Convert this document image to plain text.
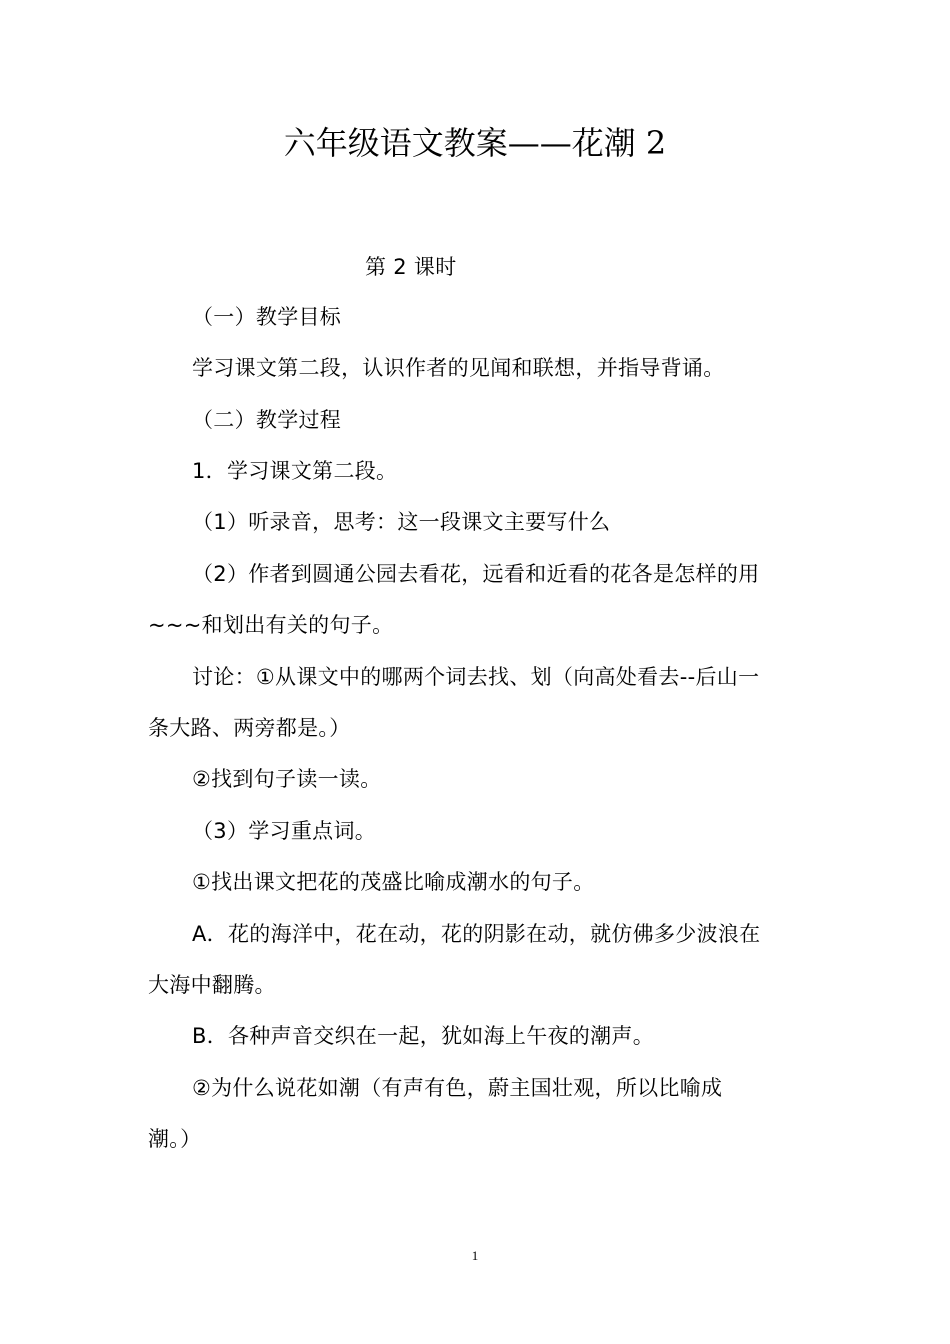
六年级语文教案——花潮 2
第 2 课时
（一）教学目标
学习课文第二段，认识作者的见闻和联想，并指导背诵。
（二）教学过程
1．学习课文第二段。
（1）听录音，思考：这一段课文主要写什么
（2）作者到圆通公园去看花，远看和近看的花各是怎样的用
~~~和划出有关的句子。
讨论：①从课文中的哪两个词去找、划（向高处看去--后山一
条大路、两旁都是。）
②找到句子读一读。
（3）学习重点词。
①找出课文把花的茂盛比喻成潮水的句子。
A．花的海洋中，花在动，花的阴影在动，就仿佛多少波浪在
大海中翻腾。
B．各种声音交织在一起，犹如海上午夜的潮声。
②为什么说花如潮（有声有色，蔚主国壮观，所以比喻成
潮。）
1
